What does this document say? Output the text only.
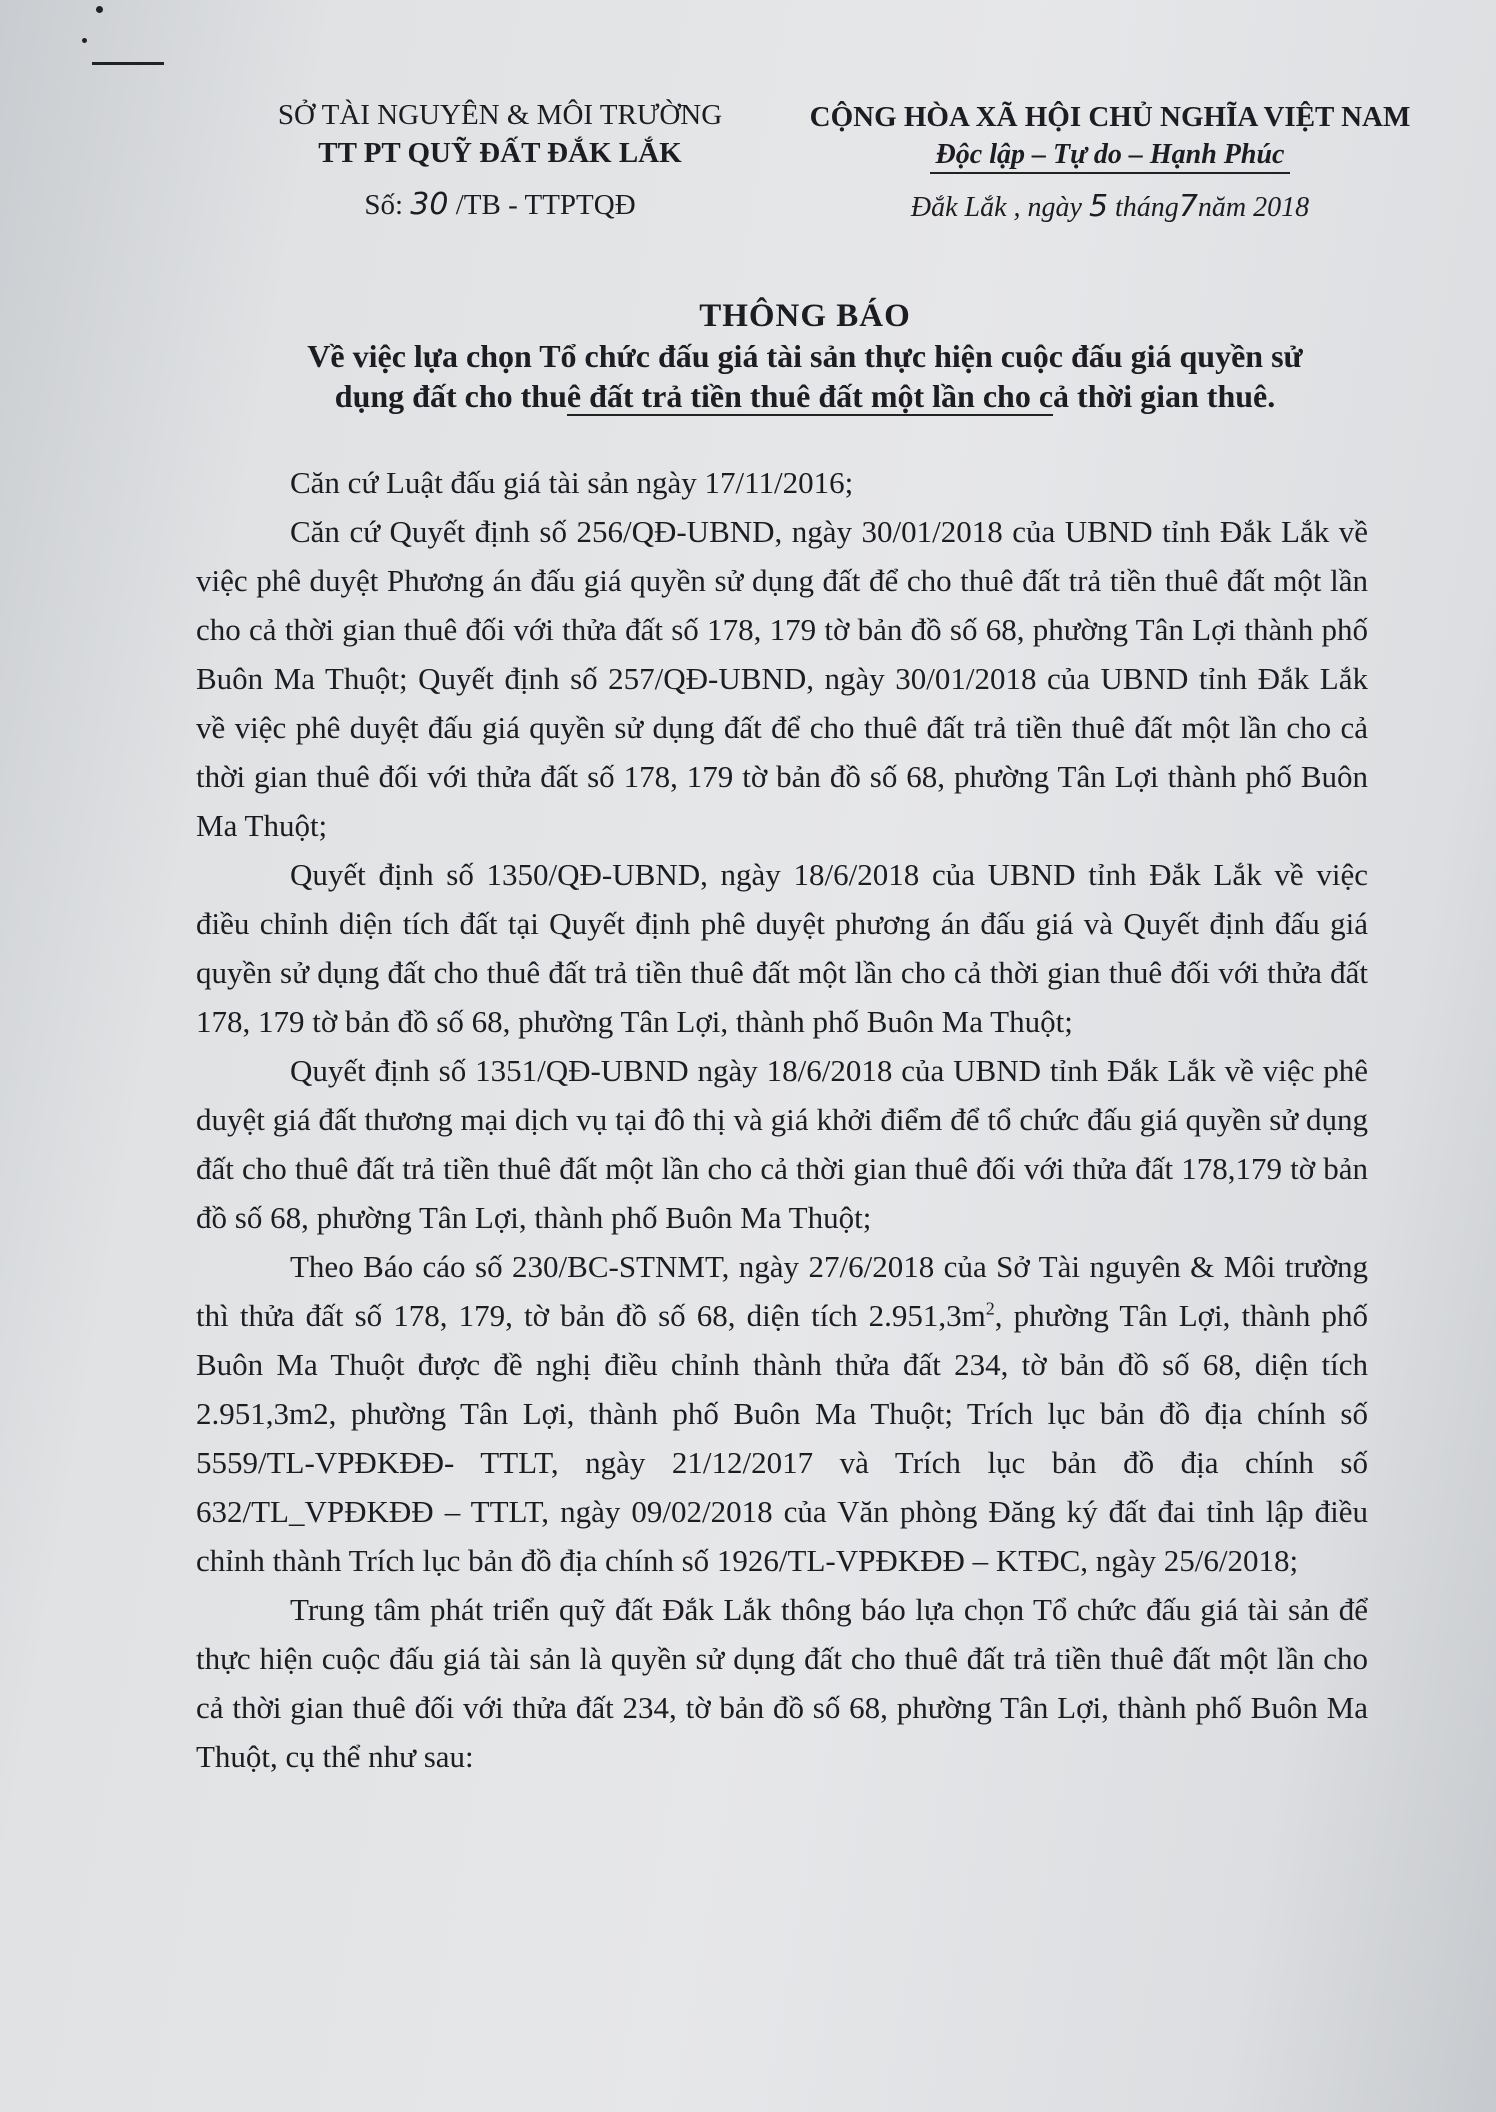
SỞ TÀI NGUYÊN & MÔI TRƯỜNG
TT PT QUỸ ĐẤT ĐẮK LẮK
Số: 30 /TB - TTPTQĐ
CỘNG HÒA XÃ HỘI CHỦ NGHĨA VIỆT NAM
Độc lập – Tự do – Hạnh Phúc
Đắk Lắk , ngày 5 tháng7năm 2018
THÔNG BÁO
Về việc lựa chọn Tổ chức đấu giá tài sản thực hiện cuộc đấu giá quyền sử
dụng đất cho thuê đất trả tiền thuê đất một lần cho cả thời gian thuê.

Căn cứ Luật đấu giá tài sản ngày 17/11/2016;

Căn cứ Quyết định số 256/QĐ-UBND, ngày 30/01/2018 của UBND tỉnh Đắk Lắk về việc phê duyệt Phương án đấu giá quyền sử dụng đất để cho thuê đất trả tiền thuê đất một lần cho cả thời gian thuê đối với thửa đất số 178, 179 tờ bản đồ số 68, phường Tân Lợi thành phố Buôn Ma Thuột; Quyết định số 257/QĐ-UBND, ngày 30/01/2018 của UBND tỉnh Đắk Lắk về việc phê duyệt đấu giá quyền sử dụng đất để cho thuê đất trả tiền thuê đất một lần cho cả thời gian thuê đối với thửa đất số 178, 179 tờ bản đồ số 68, phường Tân Lợi thành phố Buôn Ma Thuột;

Quyết định số 1350/QĐ-UBND, ngày 18/6/2018 của UBND tỉnh Đắk Lắk về việc điều chỉnh diện tích đất tại Quyết định phê duyệt phương án đấu giá và Quyết định đấu giá quyền sử dụng đất cho thuê đất trả tiền thuê đất một lần cho cả thời gian thuê đối với thửa đất 178, 179 tờ bản đồ số 68, phường Tân Lợi, thành phố Buôn Ma Thuột;

Quyết định số 1351/QĐ-UBND ngày 18/6/2018 của UBND tỉnh Đắk Lắk về việc phê duyệt giá đất thương mại dịch vụ tại đô thị và giá khởi điểm để tổ chức đấu giá quyền sử dụng đất cho thuê đất trả tiền thuê đất một lần cho cả thời gian thuê đối với thửa đất 178,179 tờ bản đồ số 68, phường Tân Lợi, thành phố Buôn Ma Thuột;

Theo Báo cáo số 230/BC-STNMT, ngày 27/6/2018 của Sở Tài nguyên & Môi trường thì thửa đất số 178, 179, tờ bản đồ số 68, diện tích $2.951,3m^2$, phường Tân Lợi, thành phố Buôn Ma Thuột được đề nghị điều chỉnh thành thửa đất 234, tờ bản đồ số 68, diện tích 2.951,3m2, phường Tân Lợi, thành phố Buôn Ma Thuột; Trích lục bản đồ địa chính số 5559/TL-VPĐKĐĐ- TTLT, ngày 21/12/2017 và Trích lục bản đồ địa chính số 632/TL_VPĐKĐĐ – TTLT, ngày 09/02/2018 của Văn phòng Đăng ký đất đai tỉnh lập điều chỉnh thành Trích lục bản đồ địa chính số 1926/TL-VPĐKĐĐ – KTĐC, ngày 25/6/2018;

Trung tâm phát triển quỹ đất Đắk Lắk thông báo lựa chọn Tổ chức đấu giá tài sản để thực hiện cuộc đấu giá tài sản là quyền sử dụng đất cho thuê đất trả tiền thuê đất một lần cho cả thời gian thuê đối với thửa đất 234, tờ bản đồ số 68, phường Tân Lợi, thành phố Buôn Ma Thuột, cụ thể như sau:
